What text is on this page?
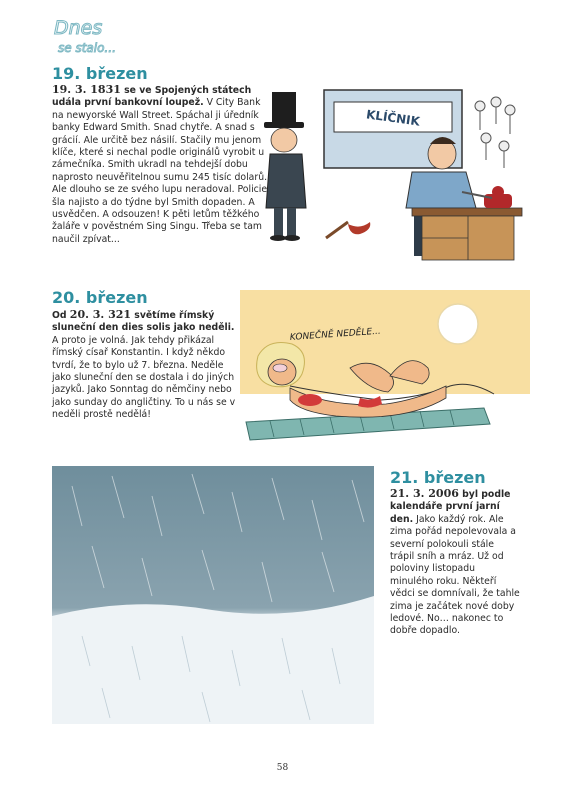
Dnes
se stalo...
19. březen

19. 3. 1831 se ve Spojených státech udála první bankovní loupež. V City Bank na newyorské Wall Street. Spáchal ji úředník banky Edward Smith. Snad chytře. A snad s grácií. Ale určitě bez násilí. Stačily mu jenom klíče, které si nechal podle originálů vyrobit u zámečníka. Smith ukradl na tehdejší dobu naprosto neuvěřitelnou sumu 245 tisíc dolarů. Ale dlouho se ze svého lupu neradoval. Policie šla najisto a do týdne byl Smith dopaden. A usvědčen. A odsouzen! K pěti letům těžkého žaláře v pověstném Sing Singu. Třeba se tam naučil zpívat...

KLÍČNIK
20. březen

Od 20. 3. 321 světíme římský sluneční den dies solis jako neděli.
A proto je volná. Jak tehdy přikázal římský císař Konstantin. I když někdo tvrdí, že to bylo už 7. března. Neděle jako sluneční den se dostala i do jiných jazyků. Jako Sonntag do němčiny nebo jako sunday do angličtiny. To u nás se v neděli prostě nedělá!

KONEČNĚ NEDĚLE...
21. březen

21. 3. 2006 byl podle kalendáře první jarní den. Jako každý rok. Ale zima pořád nepolevovala a severní polokouli stále trápil sníh a mráz. Už od poloviny listopadu minulého roku. Někteří vědci se domnívali, že tahle zima je začátek nové doby ledové. No… nakonec to dobře dopadlo.

58
